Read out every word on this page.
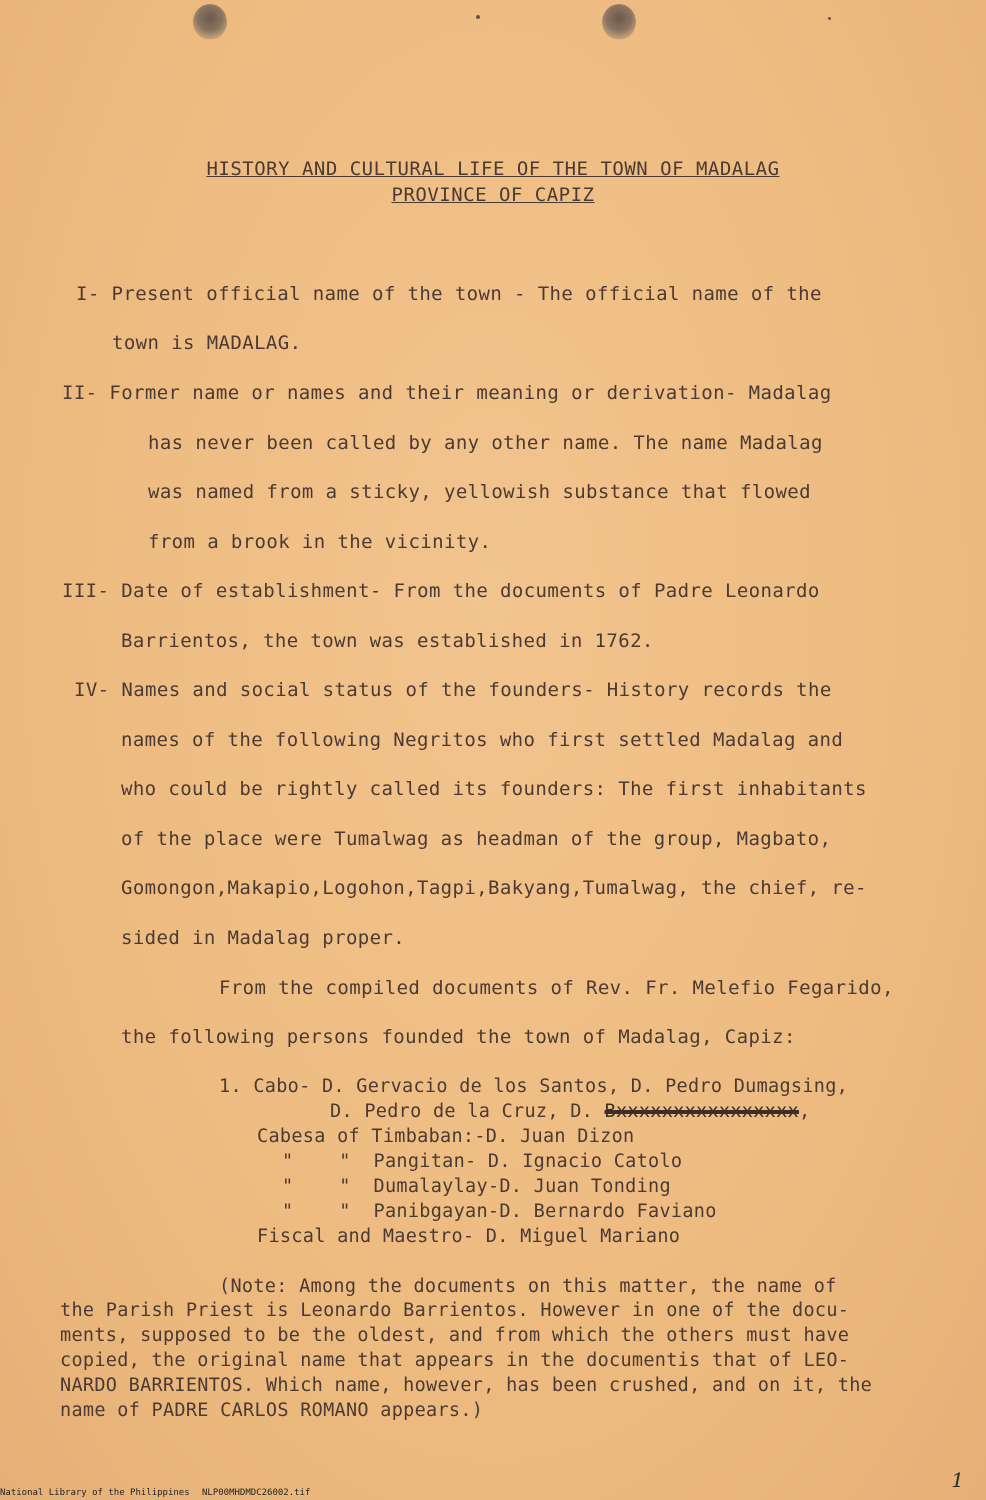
HISTORY AND CULTURAL LIFE OF THE TOWN OF MADALAG
PROVINCE OF CAPIZ
I- Present official name of the town - The official name of the
town is MADALAG.
II- Former name or names and their meaning or derivation- Madalag
has never been called by any other name. The name Madalag
was named from a sticky, yellowish substance that flowed
from a brook in the vicinity.
III- Date of establishment- From the documents of Padre Leonardo
Barrientos, the town was established in 1762.
IV- Names and social status of the founders- History records the
names of the following Negritos who first settled Madalag and
who could be rightly called its founders: The first inhabitants
of the place were Tumalwag as headman of the group, Magbato,
Gomongon,Makapio,Logohon,Tagpi,Bakyang,Tumalwag, the chief, re-
sided in Madalag proper.
From the compiled documents of Rev. Fr. Melefio Fegarido,
the following persons founded the town of Madalag, Capiz:
1. Cabo- D. Gervacio de los Santos, D. Pedro Dumagsing,
D. Pedro de la Cruz, D. Bxxxxxxxxxxxxxxxx,
Cabesa of Timbaban:-D. Juan Dizon
"    "  Pangitan- D. Ignacio Catolo
"    "  Dumalaylay-D. Juan Tonding
"    "  Panibgayan-D. Bernardo Faviano
Fiscal and Maestro- D. Miguel Mariano
(Note: Among the documents on this matter, the name of
the Parish Priest is Leonardo Barrientos. However in one of the docu-
ments, supposed to be the oldest, and from which the others must have
copied, the original name that appears in the documentis that of LEO-
NARDO BARRIENTOS. Which name, however, has been crushed, and on it, the
name of PADRE CARLOS ROMANO appears.)
National Library of the Philippines NLP00MHDMDC26002.tif
1
